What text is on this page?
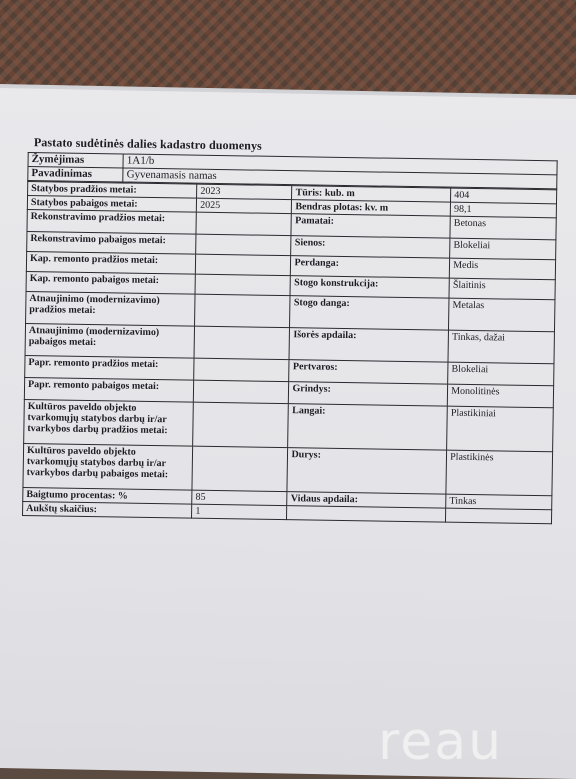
Pastato sudėtinės dalies kadastro duomenys
Žymėjimas	1A1/b
Pavadinimas	Gyvenamasis namas
Statybos pradžios metai:	2023	Tūris: kub. m	404
Statybos pabaigos metai:	2025	Bendras plotas: kv. m	98,1
Rekonstravimo pradžios metai:		Pamatai:	Betonas
Rekonstravimo pabaigos metai:		Sienos:	Blokeliai
Kap. remonto pradžios metai:		Perdanga:	Medis
Kap. remonto pabaigos metai:		Stogo konstrukcija:	Šlaitinis
Atnaujinimo (modernizavimo) pradžios metai:		Stogo danga:	Metalas
Atnaujinimo (modernizavimo) pabaigos metai:		Išorės apdaila:	Tinkas, dažai
Papr. remonto pradžios metai:		Pertvaros:	Blokeliai
Papr. remonto pabaigos metai:		Grindys:	Monolitinės
Kultūros paveldo objekto tvarkomųjų statybos darbų ir/ar tvarkybos darbų pradžios metai:		Langai:	Plastikiniai
Kultūros paveldo objekto tvarkomųjų statybos darbų ir/ar tvarkybos darbų pabaigos metai:		Durys:	Plastikinės
Baigtumo procentas: %	85	Vidaus apdaila:	Tinkas
Aukštų skaičius:	1		
reau
